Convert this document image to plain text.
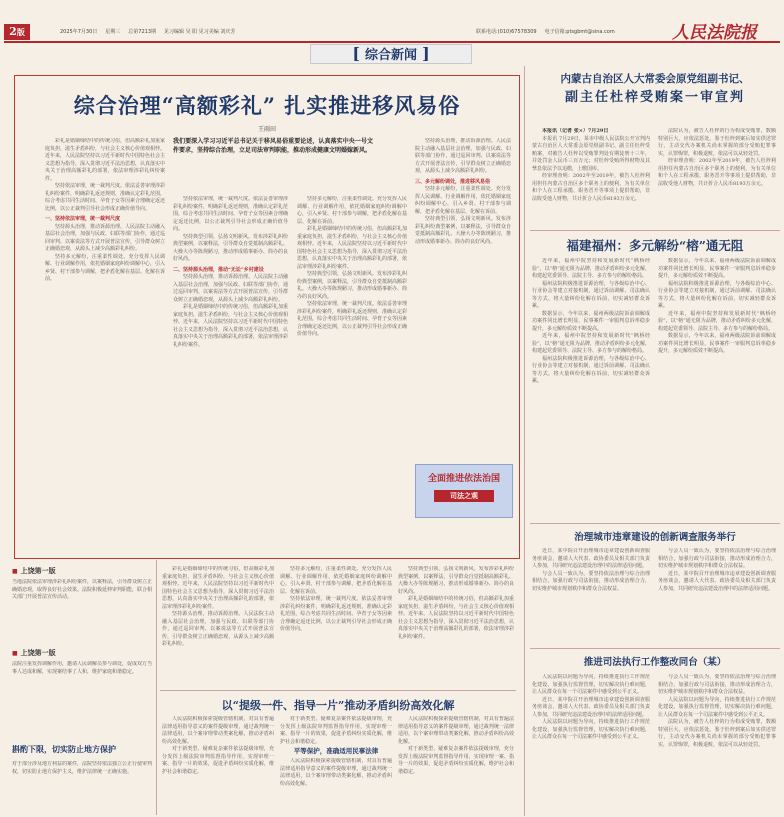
2版	2025年7月30日 星期三 总第7213期 见习编辑 吴 阳 见习美编 刘庆芳	联系电话:(010)67578309 电子信箱:ptsgbmt@sina.com	人民法院报
[ 综合新闻 ]
综合治理“高额彩礼” 扎实推进移风易俗
王雨田
我们要深入学习习近平总书记关于移风易俗重要论述，认真落实中央一号文件要求，坚持综合治理，立足司法审判职能，推动形成健康文明婚嫁新风。

彩礼是婚姻缔结中的传统习俗，但高额彩礼加重家庭负担，滋生矛盾纠纷，与社会主义核心价值观相悖。近年来，人民法院坚持以习近平新时代中国特色社会主义思想为指导，深入贯彻习近平法治思想，认真落实中央关于治理高额彩礼的部署，依法审理涉彩礼纠纷案件。

坚持依法审理，统一裁判尺度。依法妥善审理涉彩礼纠纷案件，明确彩礼返还规则，准确认定彩礼范围，综合考虑共同生活时间、孕育子女等因素合理确定返还比例，以公正裁判引导社会形成正确价值导向。

一、坚持依法审理，统一裁判尺度

坚持源头治理，推动诉源治理。人民法院主动融入基层社会治理，加强与民政、妇联等部门协作，通过巡回审判、以案说法等方式开展普法宣传，引导群众树立正确婚恋观，从源头上减少高额彩礼纠纷。

坚持多元解纷，注重柔性调处。充分发挥人民调解、行业调解作用，依托婚姻家庭纠纷调解中心，引入乡贤、村干部参与调解，把矛盾化解在基层、化解在诉前。

坚持依法审理，统一裁判尺度。依法妥善审理涉彩礼纠纷案件，明确彩礼返还规则，准确认定彩礼范围，综合考虑共同生活时间、孕育子女等因素合理确定返还比例，以公正裁判引导社会形成正确价值导向。

坚持典型引领，弘扬文明新风。发布涉彩礼纠纷典型案例，以案释法，引导群众自觉抵制高额彩礼、大操大办等陈规陋习，推动形成婚事新办、简办的良好风尚。

二、坚持源头治理，推动“无讼”乡村建设

坚持源头治理，推动诉源治理。人民法院主动融入基层社会治理，加强与民政、妇联等部门协作，通过巡回审判、以案说法等方式开展普法宣传，引导群众树立正确婚恋观，从源头上减少高额彩礼纠纷。

彩礼是婚姻缔结中的传统习俗，但高额彩礼加重家庭负担，滋生矛盾纠纷，与社会主义核心价值观相悖。近年来，人民法院坚持以习近平新时代中国特色社会主义思想为指导，深入贯彻习近平法治思想，认真落实中央关于治理高额彩礼的部署，依法审理涉彩礼纠纷案件。

坚持多元解纷，注重柔性调处。充分发挥人民调解、行业调解作用，依托婚姻家庭纠纷调解中心，引入乡贤、村干部参与调解，把矛盾化解在基层、化解在诉前。

彩礼是婚姻缔结中的传统习俗，但高额彩礼加重家庭负担，滋生矛盾纠纷，与社会主义核心价值观相悖。近年来，人民法院坚持以习近平新时代中国特色社会主义思想为指导，深入贯彻习近平法治思想，认真落实中央关于治理高额彩礼的部署，依法审理涉彩礼纠纷案件。

坚持典型引领，弘扬文明新风。发布涉彩礼纠纷典型案例，以案释法，引导群众自觉抵制高额彩礼、大操大办等陈规陋习，推动形成婚事新办、简办的良好风尚。

坚持依法审理，统一裁判尺度。依法妥善审理涉彩礼纠纷案件，明确彩礼返还规则，准确认定彩礼范围，综合考虑共同生活时间、孕育子女等因素合理确定返还比例，以公正裁判引导社会形成正确价值导向。

坚持源头治理，推动诉源治理。人民法院主动融入基层社会治理，加强与民政、妇联等部门协作，通过巡回审判、以案说法等方式开展普法宣传，引导群众树立正确婚恋观，从源头上减少高额彩礼纠纷。

三、多元解纷调处，推进移风易俗

坚持多元解纷，注重柔性调处。充分发挥人民调解、行业调解作用，依托婚姻家庭纠纷调解中心，引入乡贤、村干部参与调解，把矛盾化解在基层、化解在诉前。

坚持典型引领，弘扬文明新风。发布涉彩礼纠纷典型案例，以案释法，引导群众自觉抵制高额彩礼、大操大办等陈规陋习，推动形成婚事新办、简办的良好风尚。

全面推进依法治国
司法之观
■ 上饶第一版
当地法院依法审理涉彩礼纠纷案件，以案释法，引导群众树立正确婚恋观，取得良好社会效果。法院积极延伸审判职能，联合相关部门开展普法宣传活动。
■ 上饶第一版
法院注重发挥调解作用，邀请人民调解员参与调处，促成双方当事人达成和解，实现案结事了人和，维护家庭和谐稳定。
斟酌下限，切实防止地方保护
对于部分涉及地方利益的案件，法院坚持依法独立公正行使审判权，切实防止地方保护主义，维护法律统一正确实施。

彩礼是婚姻缔结中的传统习俗，但高额彩礼加重家庭负担，滋生矛盾纠纷，与社会主义核心价值观相悖。近年来，人民法院坚持以习近平新时代中国特色社会主义思想为指导，深入贯彻习近平法治思想，认真落实中央关于治理高额彩礼的部署，依法审理涉彩礼纠纷案件。

坚持源头治理，推动诉源治理。人民法院主动融入基层社会治理，加强与民政、妇联等部门协作，通过巡回审判、以案说法等方式开展普法宣传，引导群众树立正确婚恋观，从源头上减少高额彩礼纠纷。

坚持多元解纷，注重柔性调处。充分发挥人民调解、行业调解作用，依托婚姻家庭纠纷调解中心，引入乡贤、村干部参与调解，把矛盾化解在基层、化解在诉前。

坚持依法审理，统一裁判尺度。依法妥善审理涉彩礼纠纷案件，明确彩礼返还规则，准确认定彩礼范围，综合考虑共同生活时间、孕育子女等因素合理确定返还比例，以公正裁判引导社会形成正确价值导向。

坚持典型引领，弘扬文明新风。发布涉彩礼纠纷典型案例，以案释法，引导群众自觉抵制高额彩礼、大操大办等陈规陋习，推动形成婚事新办、简办的良好风尚。

彩礼是婚姻缔结中的传统习俗，但高额彩礼加重家庭负担，滋生矛盾纠纷，与社会主义核心价值观相悖。近年来，人民法院坚持以习近平新时代中国特色社会主义思想为指导，深入贯彻习近平法治思想，认真落实中央关于治理高额彩礼的部署，依法审理涉彩礼纠纷案件。

以“提级一件、指导一片”推动矛盾纠纷高效化解

人民法院积极探索提级管辖机制，对具有普遍法律适用指导意义的案件提级审理，通过裁判统一法律适用，以个案审理带动类案化解，推动矛盾纠纷高效化解。

对于新类型、疑难复杂案件依法提级审理，充分发挥上级法院审判监督指导作用，实现审理一案、指导一片的效果，促进矛盾纠纷实质化解，维护社会和谐稳定。

平等保护，准确适用民事法律

对于新类型、疑难复杂案件依法提级审理，充分发挥上级法院审判监督指导作用，实现审理一案、指导一片的效果，促进矛盾纠纷实质化解，维护社会和谐稳定。

人民法院积极探索提级管辖机制，对具有普遍法律适用指导意义的案件提级审理，通过裁判统一法律适用，以个案审理带动类案化解，推动矛盾纠纷高效化解。

人民法院积极探索提级管辖机制，对具有普遍法律适用指导意义的案件提级审理，通过裁判统一法律适用，以个案审理带动类案化解，推动矛盾纠纷高效化解。

对于新类型、疑难复杂案件依法提级审理，充分发挥上级法院审判监督指导作用，实现审理一案、指导一片的效果，促进矛盾纠纷实质化解，维护社会和谐稳定。

内蒙古自治区人大常委会原党组副书记、
副主任杜梓受贿案一审宣判

本报讯（记者 张×）7月29日

本报讯 7月29日，某市中级人民法院公开宣判内蒙古自治区人大常委会原党组副书记、副主任杜梓受贿案，对被告人杜梓以受贿罪判处有期徒刑十三年，并处罚金人民币三百万元；对杜梓受贿所得财物及其孳息依法予以追缴，上缴国库。

经审理查明：2002年至2019年，被告人杜梓利用担任内蒙古自治区多个职务上的便利，为有关单位和个人在工程承揽、职务晋升等事项上提供帮助，非法收受他人财物，共计折合人民币8193万余元。

法院认为，被告人杜梓的行为构成受贿罪，数额特别巨大，应依法惩处。鉴于杜梓到案后如实供述罪行，主动交代办案机关尚未掌握的部分受贿犯罪事实，认罪悔罪，积极退赃，依法可以从轻处罚。

经审理查明：2002年至2019年，被告人杜梓利用担任内蒙古自治区多个职务上的便利，为有关单位和个人在工程承揽、职务晋升等事项上提供帮助，非法收受他人财物，共计折合人民币8193万余元。

福建福州：多元解纷“榕”通无阻

近年来，福州中院坚持和发展新时代“枫桥经验”，以“榕”通无阻为品牌，推动矛盾纠纷多元化解，构建起党委领导、法院主导、多方参与的解纷格局。

福州法院积极推进诉源治理，与各级综治中心、行业协会等建立对接机制，通过诉前调解、司法确认等方式，将大量纠纷化解在诉前，切实减轻群众诉累。

数据显示，今年以来，福州两级法院诉前调解成功案件同比增长明显，民事案件一审服判息诉率稳步提升，多元解纷质效不断提高。

近年来，福州中院坚持和发展新时代“枫桥经验”，以“榕”通无阻为品牌，推动矛盾纠纷多元化解，构建起党委领导、法院主导、多方参与的解纷格局。

福州法院积极推进诉源治理，与各级综治中心、行业协会等建立对接机制，通过诉前调解、司法确认等方式，将大量纠纷化解在诉前，切实减轻群众诉累。

数据显示，今年以来，福州两级法院诉前调解成功案件同比增长明显，民事案件一审服判息诉率稳步提升，多元解纷质效不断提高。

福州法院积极推进诉源治理，与各级综治中心、行业协会等建立对接机制，通过诉前调解、司法确认等方式，将大量纠纷化解在诉前，切实减轻群众诉累。

近年来，福州中院坚持和发展新时代“枫桥经验”，以“榕”通无阻为品牌，推动矛盾纠纷多元化解，构建起党委领导、法院主导、多方参与的解纷格局。

数据显示，今年以来，福州两级法院诉前调解成功案件同比增长明显，民事案件一审服判息诉率稳步提升，多元解纷质效不断提高。

治理城市违章建设的创新调查服务举行

近日，某中院召开治理城市违章建设创新调查服务座谈会，邀请人大代表、政协委员及相关部门负责人参加，共同研究违法建设治理中的法律适用问题。

与会人员一致认为，要坚持依法治理与综合治理相结合，加强行政与司法衔接，推动形成治理合力，切实维护城市规划秩序和群众合法权益。

与会人员一致认为，要坚持依法治理与综合治理相结合，加强行政与司法衔接，推动形成治理合力，切实维护城市规划秩序和群众合法权益。

近日，某中院召开治理城市违章建设创新调查服务座谈会，邀请人大代表、政协委员及相关部门负责人参加，共同研究违法建设治理中的法律适用问题。

推进司法执行工作整改同台（某）

人民法院以问题为导向，持续推进执行工作规范化建设，加强执行监督管理，切实解决执行难问题，让人民群众在每一个司法案件中感受到公平正义。

近日，某中院召开治理城市违章建设创新调查服务座谈会，邀请人大代表、政协委员及相关部门负责人参加，共同研究违法建设治理中的法律适用问题。

人民法院以问题为导向，持续推进执行工作规范化建设，加强执行监督管理，切实解决执行难问题，让人民群众在每一个司法案件中感受到公平正义。

与会人员一致认为，要坚持依法治理与综合治理相结合，加强行政与司法衔接，推动形成治理合力，切实维护城市规划秩序和群众合法权益。

人民法院以问题为导向，持续推进执行工作规范化建设，加强执行监督管理，切实解决执行难问题，让人民群众在每一个司法案件中感受到公平正义。

法院认为，被告人杜梓的行为构成受贿罪，数额特别巨大，应依法惩处。鉴于杜梓到案后如实供述罪行，主动交代办案机关尚未掌握的部分受贿犯罪事实，认罪悔罪，积极退赃，依法可以从轻处罚。
